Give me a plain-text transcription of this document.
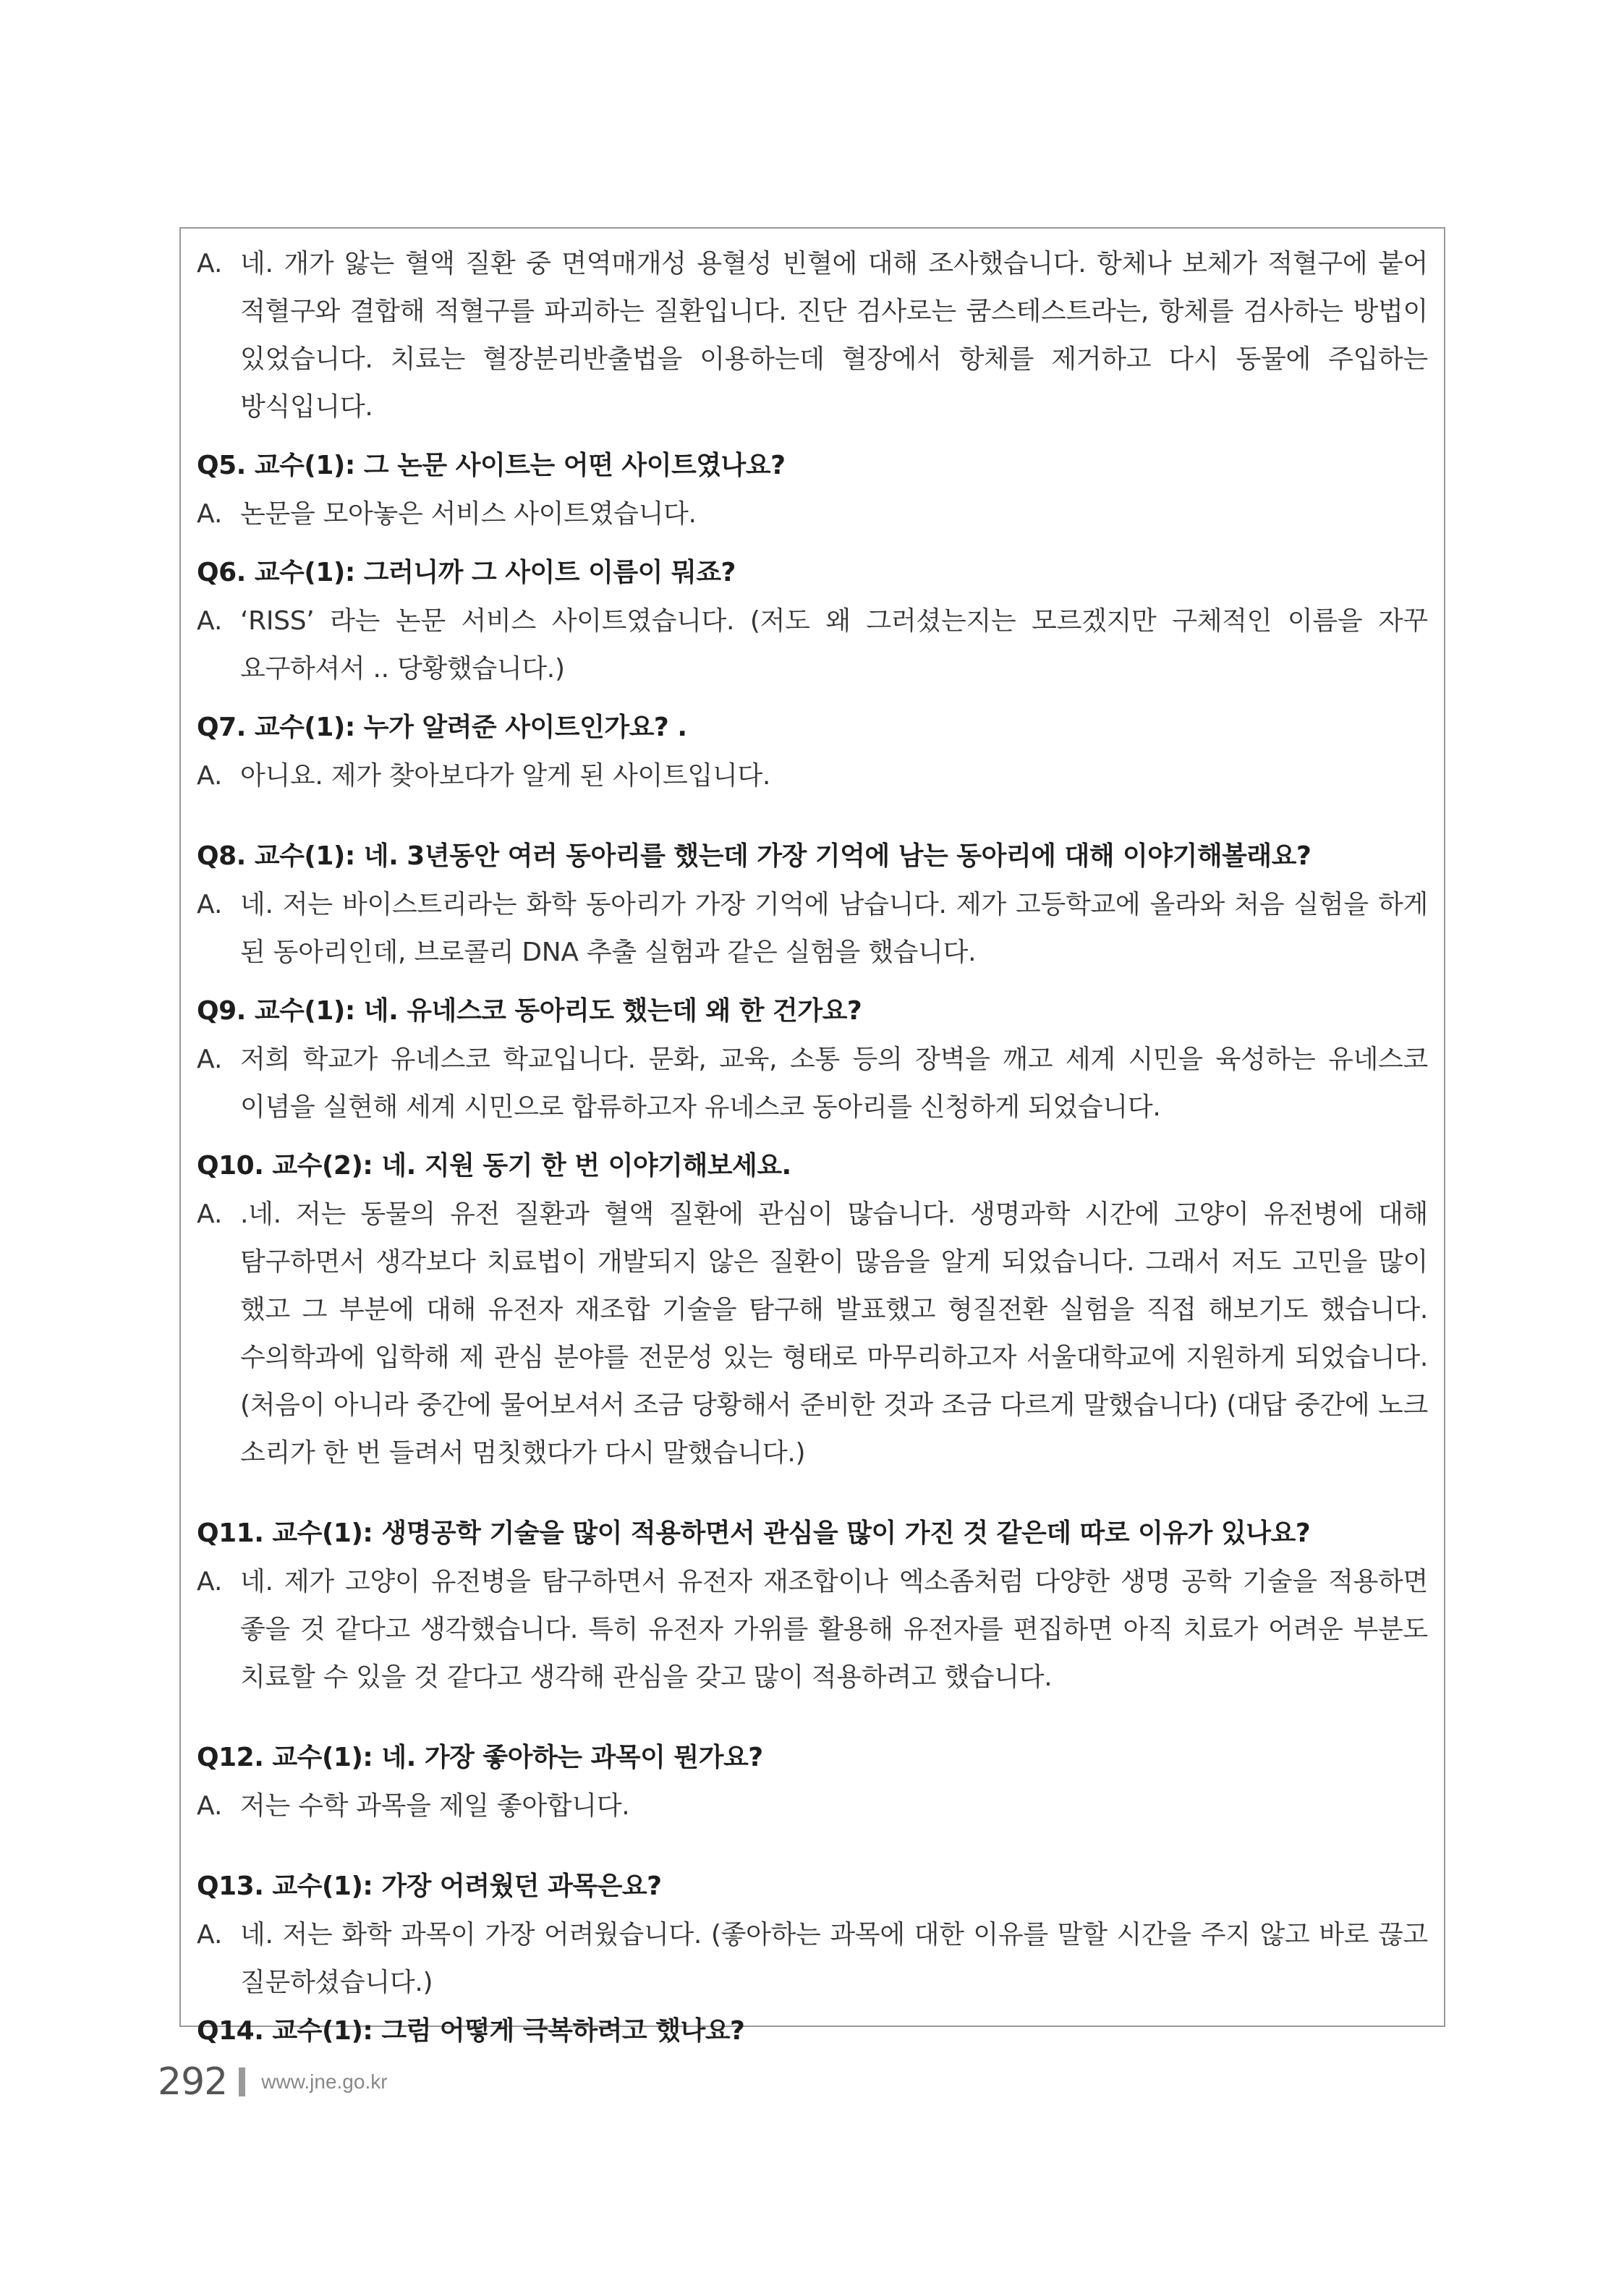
A. 네. 개가 앓는 혈액 질환 중 면역매개성 용혈성 빈혈에 대해 조사했습니다. 항체나 보체가 적혈구에 붙어 적혈구와 결합해 적혈구를 파괴하는 질환입니다. 진단 검사로는 쿰스테스트라는, 항체를 검사하는 방법이 있었습니다. 치료는 혈장분리반출법을 이용하는데 혈장에서 항체를 제거하고 다시 동물에 주입하는 방식입니다.
Q5. 교수(1): 그 논문 사이트는 어떤 사이트였나요?
A. 논문을 모아놓은 서비스 사이트였습니다.
Q6. 교수(1): 그러니까 그 사이트 이름이 뭐죠?
A. ‘RISS’ 라는 논문 서비스 사이트였습니다. (저도 왜 그러셨는지는 모르겠지만 구체적인 이름을 자꾸 요구하셔서 .. 당황했습니다.)
Q7. 교수(1): 누가 알려준 사이트인가요? .
A. 아니요. 제가 찾아보다가 알게 된 사이트입니다.
Q8. 교수(1): 네. 3년동안 여러 동아리를 했는데 가장 기억에 남는 동아리에 대해 이야기해볼래요?
A. 네. 저는 바이스트리라는 화학 동아리가 가장 기억에 남습니다. 제가 고등학교에 올라와 처음 실험을 하게 된 동아리인데, 브로콜리 DNA 추출 실험과 같은 실험을 했습니다.
Q9. 교수(1): 네. 유네스코 동아리도 했는데 왜 한 건가요?
A. 저희 학교가 유네스코 학교입니다. 문화, 교육, 소통 등의 장벽을 깨고 세계 시민을 육성하는 유네스코 이념을 실현해 세계 시민으로 합류하고자 유네스코 동아리를 신청하게 되었습니다.
Q10. 교수(2): 네. 지원 동기 한 번 이야기해보세요.
A. .네. 저는 동물의 유전 질환과 혈액 질환에 관심이 많습니다. 생명과학 시간에 고양이 유전병에 대해 탐구하면서 생각보다 치료법이 개발되지 않은 질환이 많음을 알게 되었습니다. 그래서 저도 고민을 많이 했고 그 부분에 대해 유전자 재조합 기술을 탐구해 발표했고 형질전환 실험을 직접 해보기도 했습니다. 수의학과에 입학해 제 관심 분야를 전문성 있는 형태로 마무리하고자 서울대학교에 지원하게 되었습니다. (처음이 아니라 중간에 물어보셔서 조금 당황해서 준비한 것과 조금 다르게 말했습니다) (대답 중간에 노크 소리가 한 번 들려서 멈칫했다가 다시 말했습니다.)
Q11. 교수(1): 생명공학 기술을 많이 적용하면서 관심을 많이 가진 것 같은데 따로 이유가 있나요?
A. 네. 제가 고양이 유전병을 탐구하면서 유전자 재조합이나 엑소좀처럼 다양한 생명 공학 기술을 적용하면 좋을 것 같다고 생각했습니다. 특히 유전자 가위를 활용해 유전자를 편집하면 아직 치료가 어려운 부분도 치료할 수 있을 것 같다고 생각해 관심을 갖고 많이 적용하려고 했습니다.
Q12. 교수(1): 네. 가장 좋아하는 과목이 뭔가요?
A. 저는 수학 과목을 제일 좋아합니다.
Q13. 교수(1): 가장 어려웠던 과목은요?
A. 네. 저는 화학 과목이 가장 어려웠습니다. (좋아하는 과목에 대한 이유를 말할 시간을 주지 않고 바로 끊고 질문하셨습니다.)
Q14. 교수(1): 그럼 어떻게 극복하려고 했나요?
292 www.jne.go.kr
